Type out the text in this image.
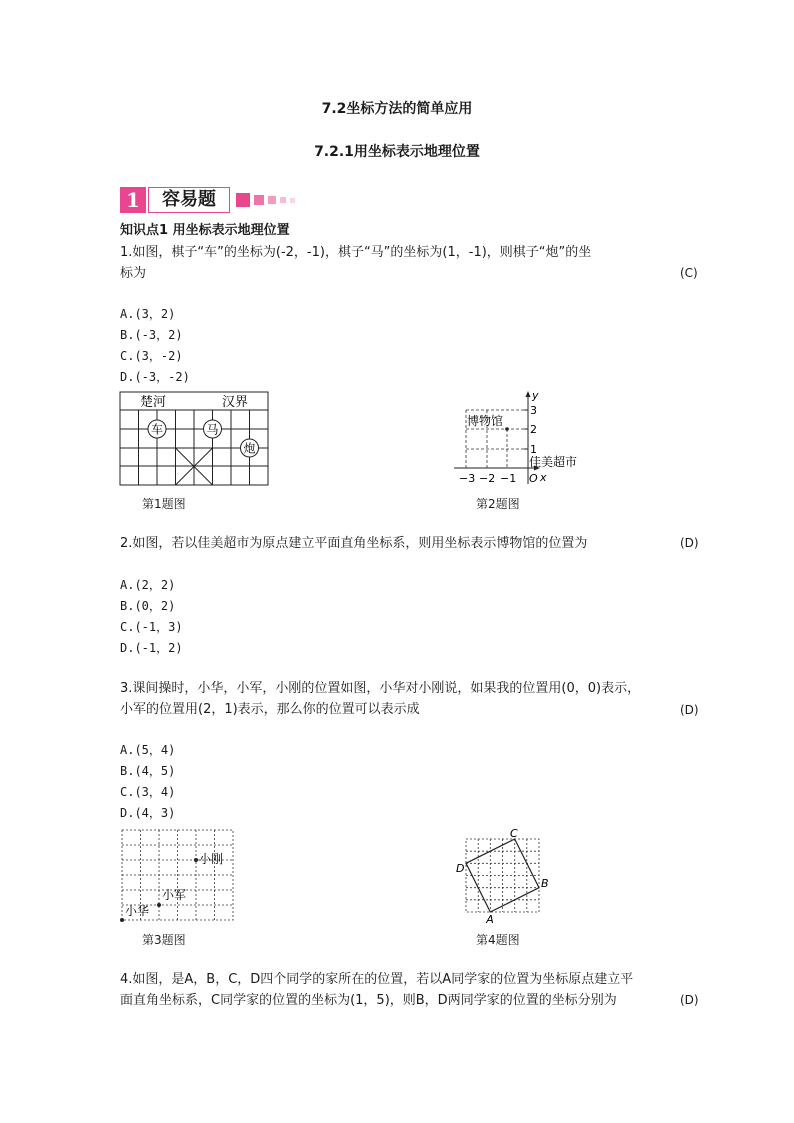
7.2坐标方法的简单应用
7.2.1用坐标表示地理位置
1	容易题
知识点1 用坐标表示地理位置
1.如图，棋子“车”的坐标为(-2，-1)，棋子“马”的坐标为(1，-1)，则棋子“炮”的坐
标为	(C)
A.(3，2)
B.(-3，2)
C.(3，-2)
D.(-3，-2)
楚河	汉界
车	马
炮
第1题图
y
x
O
3
2
1
−3 −2 −1
博物馆
佳美超市
第2题图
2.如图，若以佳美超市为原点建立平面直角坐标系，则用坐标表示博物馆的位置为	(D)
A.(2，2)
B.(0，2)
C.(-1，3)
D.(-1，2)
3.课间操时，小华，小军，小刚的位置如图，小华对小刚说，如果我的位置用(0，0)表示，
小军的位置用(2，1)表示，那么你的位置可以表示成	(D)
A.(5，4)
B.(4，5)
C.(3，4)
D.(4，3)
小刚
小军
小华
第3题图
A
B
C
D
第4题图
4.如图，是A，B，C，D四个同学的家所在的位置，若以A同学家的位置为坐标原点建立平
面直角坐标系，C同学家的位置的坐标为(1，5)，则B，D两同学家的位置的坐标分别为	(D)
